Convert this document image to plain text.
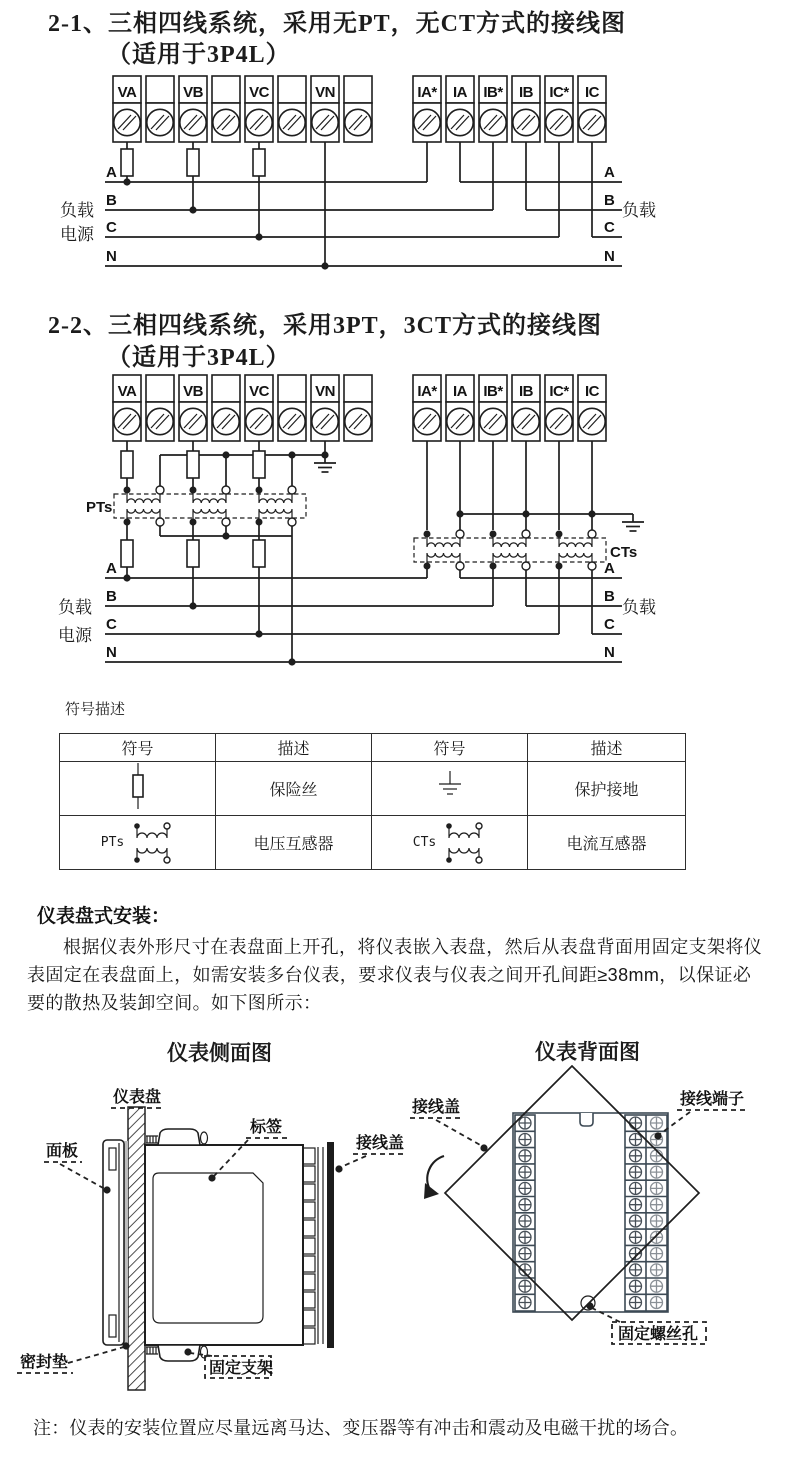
2-1、三相四线系统，采用无PT，无CT方式的接线图
（适用于3P4L）
VA	VB	VC	VN	IA* IA IB* IB IC* IC
A
B
C
N
A
B
C
N
负载
电源
负载
2-2、三相四线系统，采用3PT，3CT方式的接线图
（适用于3P4L）
PTs
CTs
VA	VB	VC	VN	IA* IA IB* IB IC* IC
A
B
C
N
A
B
C
N
负载
电源
负载
符号描述
符号	描述	符号	描述
	保险丝		保护接地

PTs	电压互感器	CTs	电流互感器
仪表盘式安装：
根据仪表外形尺寸在表盘面上开孔，将仪表嵌入表盘，然后从表盘背面用固定支架将仪表固定在表盘面上，如需安装多台仪表，要求仪表与仪表之间开孔间距≥38mm，以保证必要的散热及装卸空间。如下图所示：
仪表侧面图	仪表背面图
仪表盘
面板
标签
接线盖
密封垫	固定支架
接线盖	接线端子
固定螺丝孔
注：仪表的安装位置应尽量远离马达、变压器等有冲击和震动及电磁干扰的场合。
